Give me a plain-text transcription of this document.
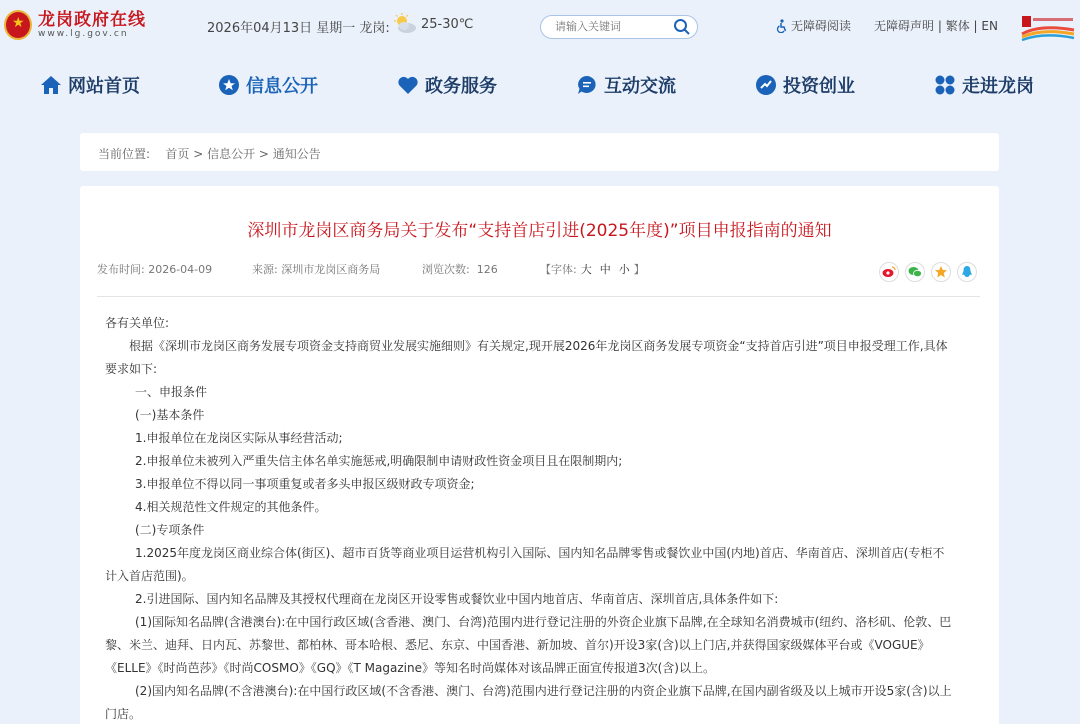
★
龙岗政府在线
www.lg.gov.cn	2026年04月13日 星期一 龙岗: 25-30℃
请输入关键词	无障碍阅读 无障碍声明 | 繁体 | EN
网站首页	信息公开	政务服务	互动交流	投资创业	走进龙岗
当前位置: 首页 > 信息公开 > 通知公告
深圳市龙岗区商务局关于发布“支持首店引进(2025年度)”项目申报指南的通知
发布时间: 2026-04-09	来源: 深圳市龙岗区商务局	浏览次数: 126	【字体: 大 中 小 】

各有关单位:

根据《深圳市龙岗区商务发展专项资金支持商贸业发展实施细则》有关规定,现开展2026年龙岗区商务发展专项资金“支持首店引进”项目申报受理工作,具体要求如下:

一、申报条件

(一)基本条件

1.申报单位在龙岗区实际从事经营活动;

2.申报单位未被列入严重失信主体名单实施惩戒,明确限制申请财政性资金项目且在限制期内;

3.申报单位不得以同一事项重复或者多头申报区级财政专项资金;

4.相关规范性文件规定的其他条件。

(二)专项条件

1.2025年度龙岗区商业综合体(街区)、超市百货等商业项目运营机构引入国际、国内知名品牌零售或餐饮业中国(内地)首店、华南首店、深圳首店(专柜不计入首店范围)。

2.引进国际、国内知名品牌及其授权代理商在龙岗区开设零售或餐饮业中国内地首店、华南首店、深圳首店,具体条件如下:

(1)国际知名品牌(含港澳台):在中国行政区域(含香港、澳门、台湾)范围内进行登记注册的外资企业旗下品牌,在全球知名消费城市(纽约、洛杉矶、伦敦、巴黎、米兰、迪拜、日内瓦、苏黎世、都柏林、哥本哈根、悉尼、东京、中国香港、新加坡、首尔)开设3家(含)以上门店,并获得国家级媒体平台或《VOGUE》《ELLE》《时尚芭莎》《时尚COSMO》《GQ》《T Magazine》等知名时尚媒体对该品牌正面宣传报道3次(含)以上。

(2)国内知名品牌(不含港澳台):在中国行政区域(不含香港、澳门、台湾)范围内进行登记注册的内资企业旗下品牌,在国内副省级及以上城市开设5家(含)以上门店。
